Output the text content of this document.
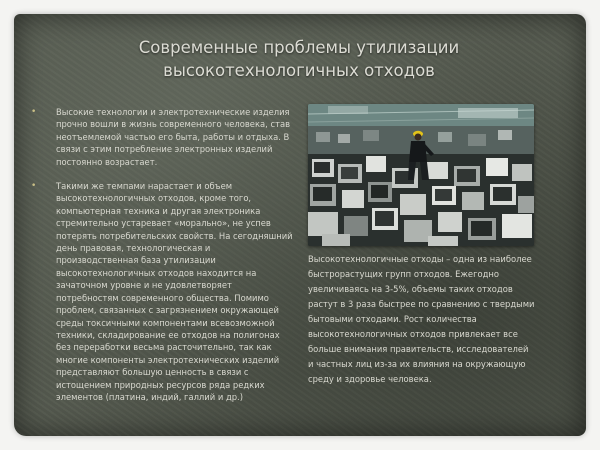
Современные проблемы утилизации высокотехнологичных отходов
• Высокие технологии и электротехнические изделия прочно вошли в жизнь современного человека, став неотъемлемой частью его быта, работы и отдыха. В связи с этим потребление электронных изделий постоянно возрастает.
• Такими же темпами нарастает и объем высокотехнологичных отходов, кроме того, компьютерная техника и другая электроника стремительно устаревает «морально», не успев потерять потребительских свойств. На сегодняшний день правовая, технологическая и производственная база утилизации высокотехнологичных отходов находится на зачаточном уровне и не удовлетворяет потребностям современного общества. Помимо проблем, связанных с загрязнением окружающей среды токсичными компонентами всевозможной техники, складирование ее отходов на полигонах без переработки весьма расточительно, так как многие компоненты электротехнических изделий представляют большую ценность в связи с истощением природных ресурсов ряда редких элементов (платина, индий, галлий и др.)

Высокотехнологичные отходы – одна из наиболее быстрорастущих групп отходов. Ежегодно увеличиваясь на 3-5%, объемы таких отходов растут в 3 раза быстрее по сравнению с твердыми бытовыми отходами. Рост количества высокотехнологичных отходов привлекает все больше внимания правительств, исследователей и частных лиц из-за их влияния на окружающую среду и здоровье человека.
